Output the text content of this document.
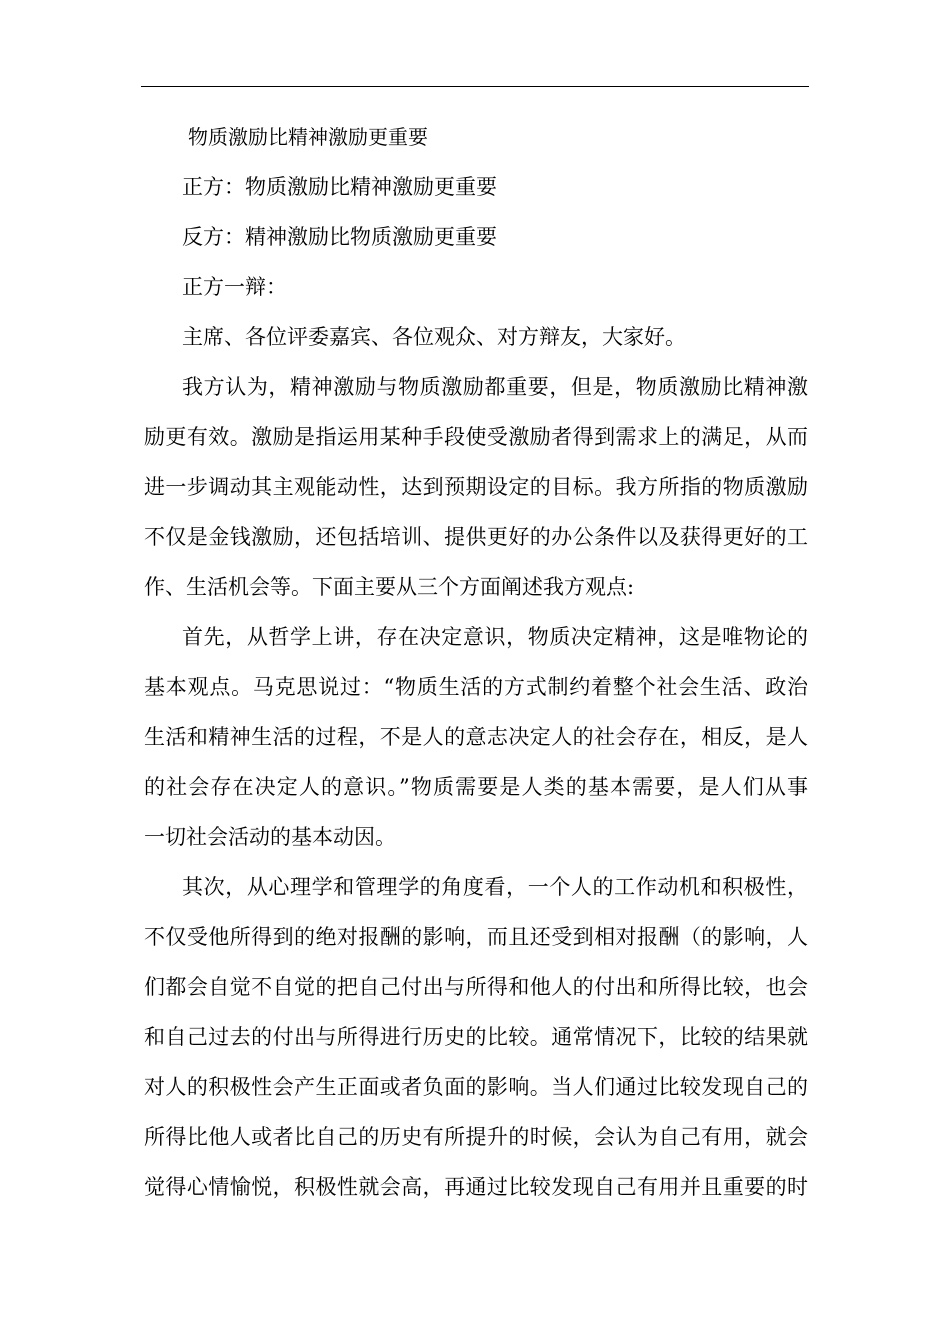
物质激励比精神激励更重要
正方：物质激励比精神激励更重要
反方：精神激励比物质激励更重要
正方一辩：
主席、各位评委嘉宾、各位观众、对方辩友，大家好。
我方认为，精神激励与物质激励都重要，但是，物质激励比精神激
励更有效。激励是指运用某种手段使受激励者得到需求上的满足，从而
进一步调动其主观能动性，达到预期设定的目标。我方所指的物质激励
不仅是金钱激励，还包括培训、提供更好的办公条件以及获得更好的工
作、生活机会等。下面主要从三个方面阐述我方观点:
首先，从哲学上讲，存在决定意识，物质决定精神，这是唯物论的
基本观点。马克思说过：“物质生活的方式制约着整个社会生活、政治
生活和精神生活的过程，不是人的意志决定人的社会存在，相反，是人
的社会存在决定人的意识。”物质需要是人类的基本需要，是人们从事
一切社会活动的基本动因。
其次，从心理学和管理学的角度看，一个人的工作动机和积极性，
不仅受他所得到的绝对报酬的影响，而且还受到相对报酬（的影响，人
们都会自觉不自觉的把自己付出与所得和他人的付出和所得比较，也会
和自己过去的付出与所得进行历史的比较。通常情况下，比较的结果就
对人的积极性会产生正面或者负面的影响。当人们通过比较发现自己的
所得比他人或者比自己的历史有所提升的时候，会认为自己有用，就会
觉得心情愉悦，积极性就会高，再通过比较发现自己有用并且重要的时
